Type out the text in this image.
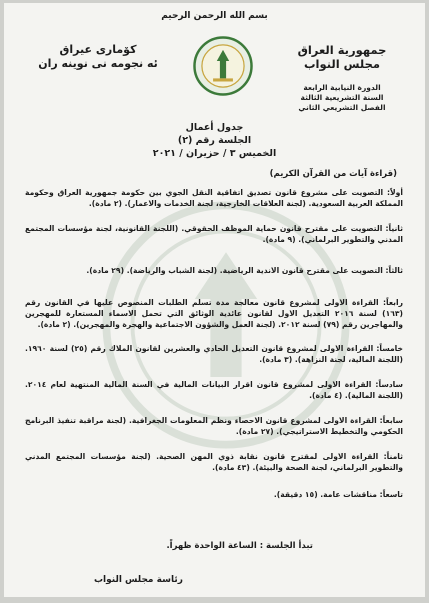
بسم الله الرحمن الرحيم
جمهورية العراق
مجلس النواب
الدورة النيابية الرابعة
السنة التشريعية الثالثة
الفصل التشريعي الثاني
كۆماری عیراق
ئه نجومه نی نوینه ران
جدول أعمال
الجلسة رقم (٢)
الخميس ٣ / حزيران / ٢٠٢١
(قراءة آيات من القرآن الكريم)
أولاً: التصويت على مشروع قانون تصديق اتفاقية النقل الجوي بين حكومة جمهورية العراق وحكومة المملكة العربية السعودية. (لجنة العلاقات الخارجية، لجنة الخدمات والاعمار). (٢ مادة).
ثانياً: التصويت على مقترح قانون حماية الموظف الحقوقي. (اللجنة القانونية، لجنة مؤسسات المجتمع المدني والتطوير البرلماني). (٩ مادة).
ثالثاً: التصويت على مقترح قانون الاندية الرياضية. (لجنة الشباب والرياضة). (٢٩ مادة).
رابعاً: القراءة الاولى لمشروع قانون معالجة مدة تسلم الطلبات المنصوص عليها في القانون رقم (١٦٣) لسنة ٢٠١٦ التعديل الاول لقانون عائدية الوثائق التي تحمل الاسماء المستعارة للمهجرين والمهاجرين رقم (٧٩) لسنة ٢٠١٢. (لجنة العمل والشؤون الاجتماعية والهجرة والمهجرين). (٢ مادة).
خامساً: القراءة الاولى لمشروع قانون التعديل الحادي والعشرين لقانون الملاك رقم (٢٥) لسنة ١٩٦٠. (اللجنة المالية، لجنة النزاهة). (٣ مادة).
سادساً: القراءة الاولى لمشروع قانون اقرار البيانات المالية في السنة المالية المنتهية لعام ٢٠١٤. (اللجنة المالية). (٤ مادة).
سابعاً: القراءة الاولى لمشروع قانون الاحصاء ونظم المعلومات الجغرافية. (لجنة مراقبة تنفيذ البرنامج الحكومي والتخطيط الاستراتيجي). (٢٧ مادة).
ثامناً: القراءة الاولى لمقترح قانون نقابة ذوي المهن الصحية. (لجنة مؤسسات المجتمع المدني والتطوير البرلماني، لجنة الصحة والبيئة). (٤٣ مادة).
تاسعاً: مناقشات عامة. (١٥ دقيقة).
تبدأ الجلسة : الساعة الواحدة ظهراً.
رئاسة مجلس النواب
